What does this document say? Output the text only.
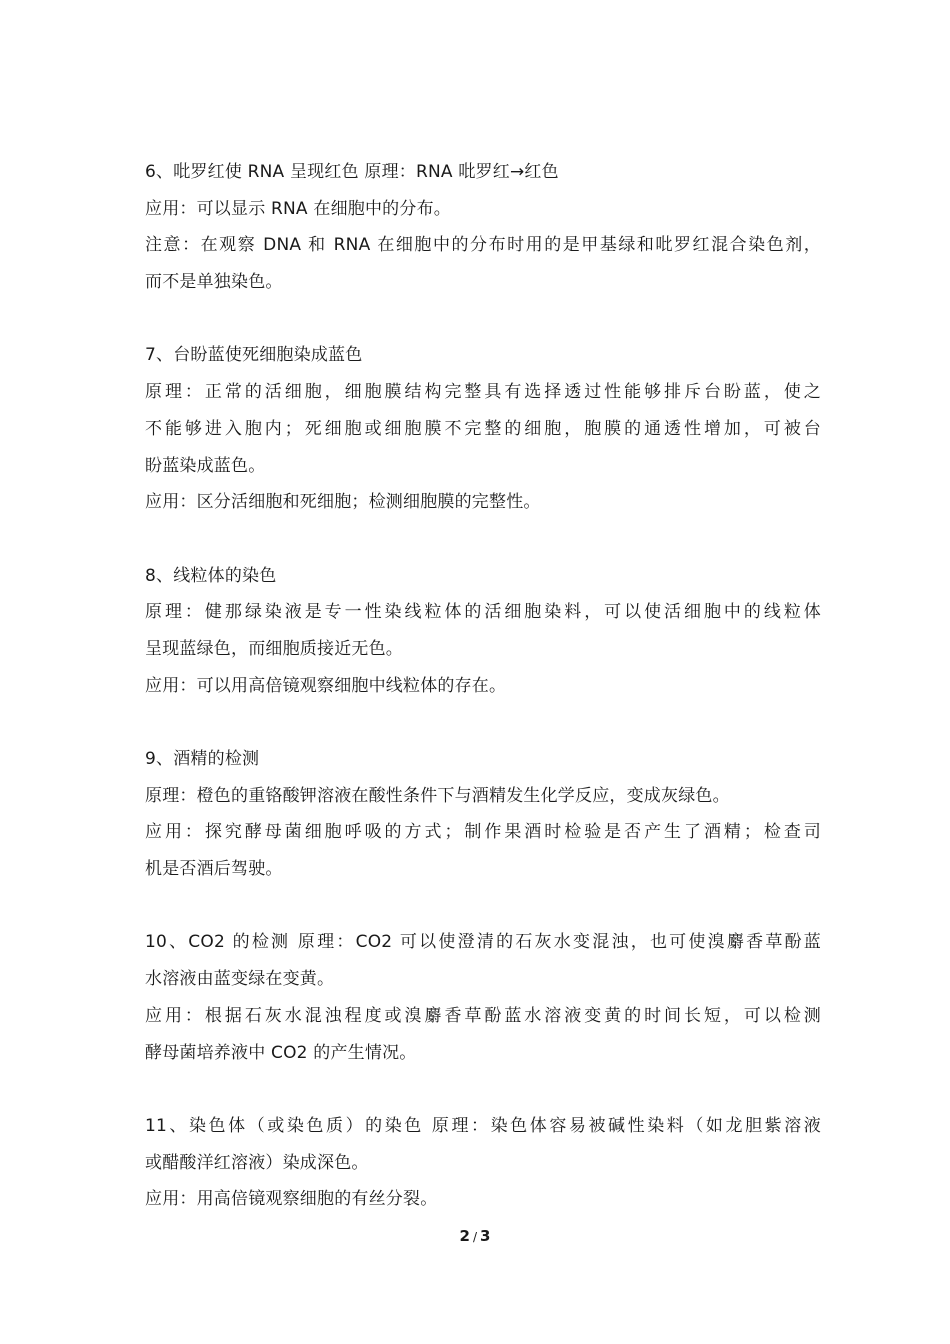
6、吡罗红使 RNA 呈现红色 原理：RNA 吡罗红→红色
应用：可以显示 RNA 在细胞中的分布。
注意：在观察 DNA 和 RNA 在细胞中的分布时用的是甲基绿和吡罗红混合染色剂，
而不是单独染色。
7、台盼蓝使死细胞染成蓝色
原理：正常的活细胞，细胞膜结构完整具有选择透过性能够排斥台盼蓝，使之
不能够进入胞内；死细胞或细胞膜不完整的细胞，胞膜的通透性增加，可被台
盼蓝染成蓝色。
应用：区分活细胞和死细胞；检测细胞膜的完整性。
8、线粒体的染色
原理：健那绿染液是专一性染线粒体的活细胞染料，可以使活细胞中的线粒体
呈现蓝绿色，而细胞质接近无色。
应用：可以用高倍镜观察细胞中线粒体的存在。
9、酒精的检测
原理：橙色的重铬酸钾溶液在酸性条件下与酒精发生化学反应，变成灰绿色。
应用：探究酵母菌细胞呼吸的方式；制作果酒时检验是否产生了酒精；检查司
机是否酒后驾驶。
10、CO2 的检测 原理：CO2 可以使澄清的石灰水变混浊，也可使溴麝香草酚蓝
水溶液由蓝变绿在变黄。
应用：根据石灰水混浊程度或溴麝香草酚蓝水溶液变黄的时间长短，可以检测
酵母菌培养液中 CO2 的产生情况。
11、染色体（或染色质）的染色 原理：染色体容易被碱性染料（如龙胆紫溶液
或醋酸洋红溶液）染成深色。
应用：用高倍镜观察细胞的有丝分裂。
2 / 3
